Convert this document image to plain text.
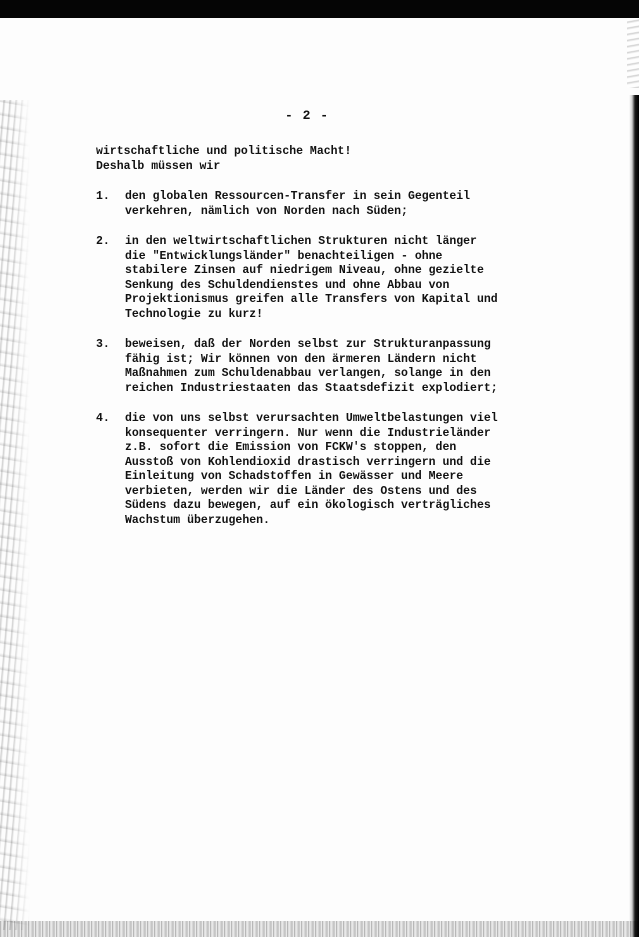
- 2 -
wirtschaftliche und politische Macht!
Deshalb müssen wir
1. den globalen Ressourcen-Transfer in sein Gegenteil
verkehren, nämlich von Norden nach Süden;
2. in den weltwirtschaftlichen Strukturen nicht länger
die "Entwicklungsländer" benachteiligen - ohne
stabilere Zinsen auf niedrigem Niveau, ohne gezielte
Senkung des Schuldendienstes und ohne Abbau von
Projektionismus greifen alle Transfers von Kapital und
Technologie zu kurz!
3. beweisen, daß der Norden selbst zur Strukturanpassung
fähig ist; Wir können von den ärmeren Ländern nicht
Maßnahmen zum Schuldenabbau verlangen, solange in den
reichen Industriestaaten das Staatsdefizit explodiert;
4. die von uns selbst verursachten Umweltbelastungen viel
konsequenter verringern. Nur wenn die Industrieländer
z.B. sofort die Emission von FCKW's stoppen, den
Ausstoß von Kohlendioxid drastisch verringern und die
Einleitung von Schadstoffen in Gewässer und Meere
verbieten, werden wir die Länder des Ostens und des
Südens dazu bewegen, auf ein ökologisch verträgliches
Wachstum überzugehen.
